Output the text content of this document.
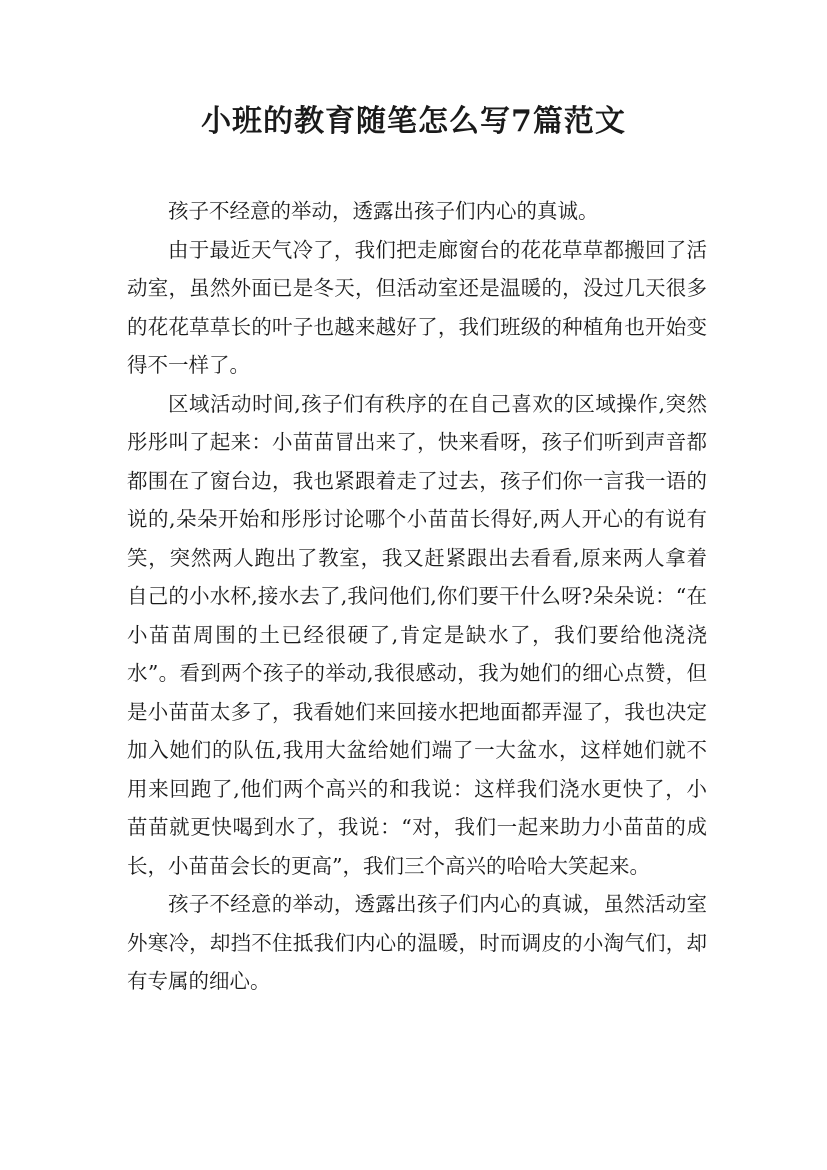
小班的教育随笔怎么写7篇范文

孩子不经意的举动，透露出孩子们内心的真诚。

由于最近天气冷了，我们把走廊窗台的花花草草都搬回了活动室，虽然外面已是冬天，但活动室还是温暖的，没过几天很多的花花草草长的叶子也越来越好了，我们班级的种植角也开始变得不一样了。

区域活动时间,孩子们有秩序的在自己喜欢的区域操作,突然彤彤叫了起来：小苗苗冒出来了，快来看呀，孩子们听到声音都都围在了窗台边，我也紧跟着走了过去，孩子们你一言我一语的说的,朵朵开始和彤彤讨论哪个小苗苗长得好,两人开心的有说有笑，突然两人跑出了教室，我又赶紧跟出去看看,原来两人拿着自己的小水杯,接水去了,我问他们,你们要干什么呀?朵朵说：“在小苗苗周围的土已经很硬了,肯定是缺水了，我们要给他浇浇水”。看到两个孩子的举动,我很感动，我为她们的细心点赞，但是小苗苗太多了，我看她们来回接水把地面都弄湿了，我也决定加入她们的队伍,我用大盆给她们端了一大盆水，这样她们就不用来回跑了,他们两个高兴的和我说：这样我们浇水更快了，小苗苗就更快喝到水了，我说：“对，我们一起来助力小苗苗的成长，小苗苗会长的更高”，我们三个高兴的哈哈大笑起来。

孩子不经意的举动，透露出孩子们内心的真诚，虽然活动室外寒冷，却挡不住抵我们内心的温暖，时而调皮的小淘气们，却有专属的细心。
